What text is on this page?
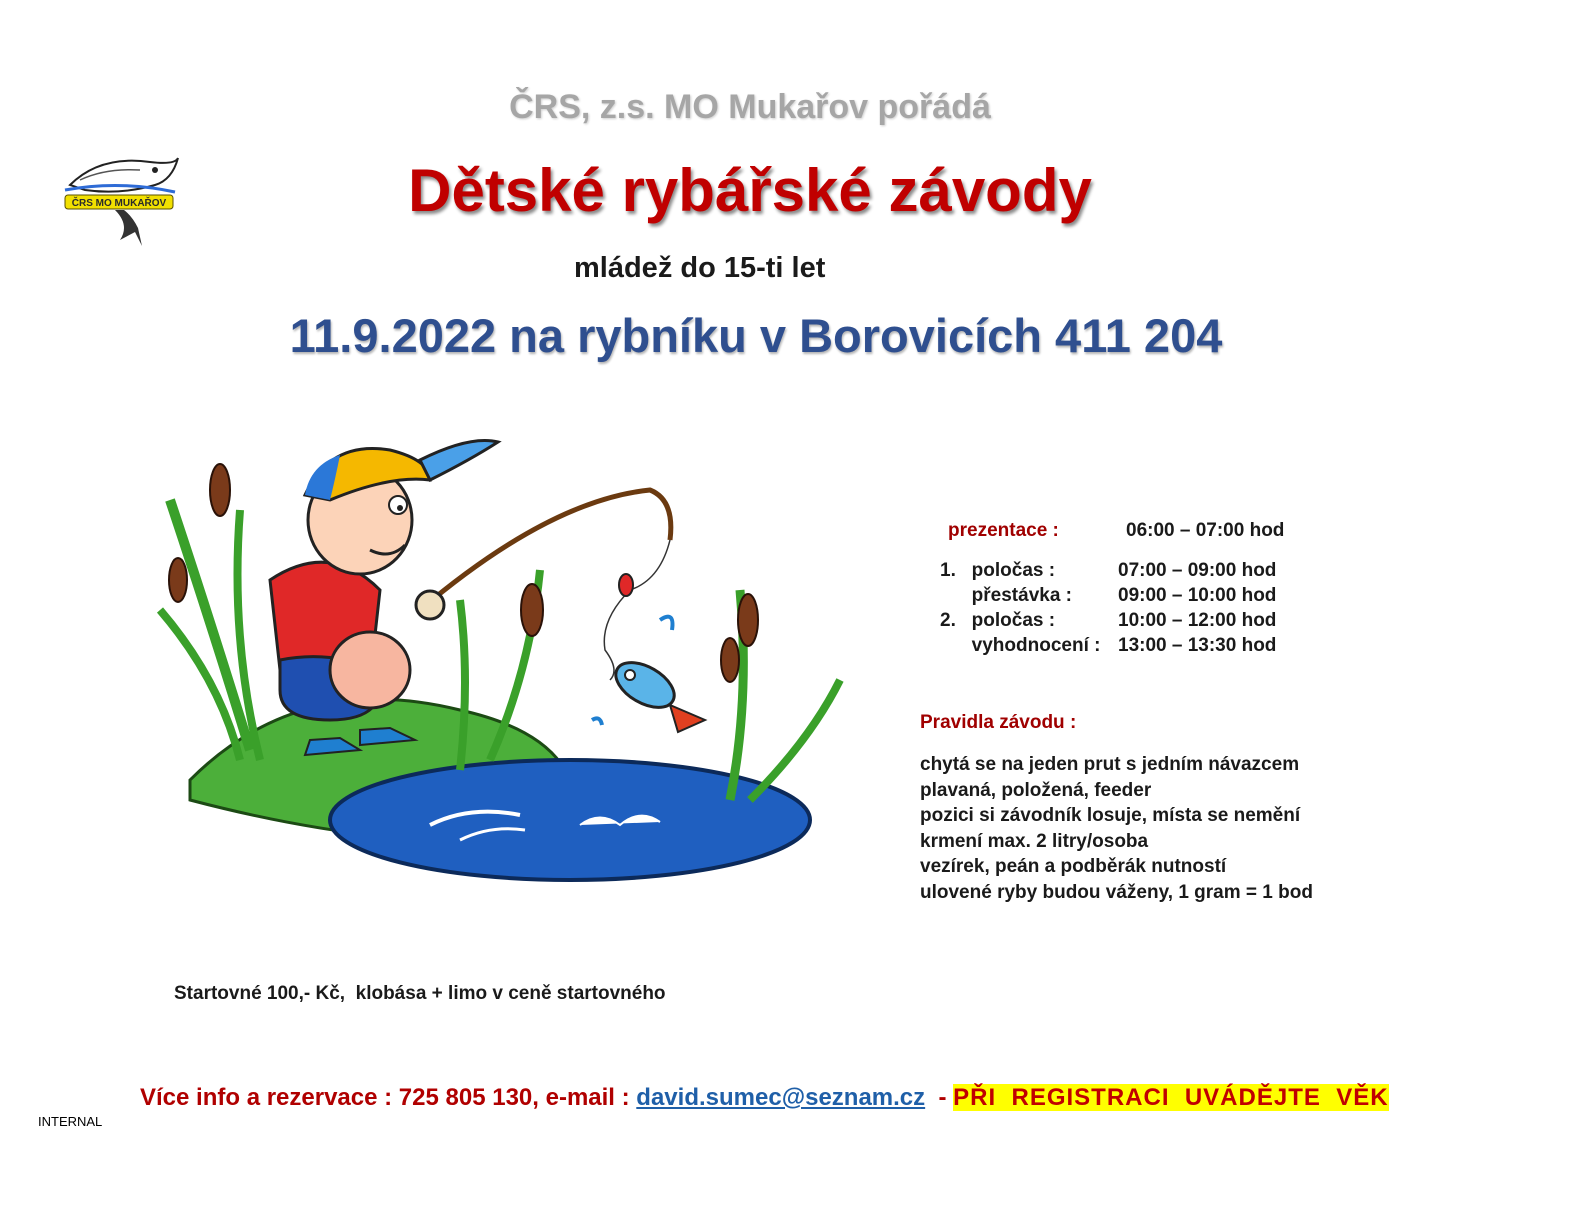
ČRS, z.s. MO Mukařov pořádá
Dětské rybářské závody
mládež do 15-ti let
11.9.2022 na rybníku v Borovicích 411 204
ČRS MO MUKAŘOV
prezentace :	06:00 – 07:00 hod
1.   poločas :	07:00 – 09:00 hod
přestávka : 09:00 – 10:00 hod
2.   poločas :	10:00 – 12:00 hod
vyhodnocení : 13:00 – 13:30 hod
Pravidla závodu :
chytá se na jeden prut s jedním návazcem
plavaná, položená, feeder
pozici si závodník losuje, místa se nemění
krmení max. 2 litry/osoba
vezírek, peán a podběrák nutností
ulovené ryby budou váženy, 1 gram = 1 bod
Startovné 100,- Kč,  klobása + limo v ceně startovného
Více info a rezervace : 725 805 130, e-mail : david.sumec@seznam.cz  - PŘI  REGISTRACI  UVÁDĚJTE  VĚK
INTERNAL
